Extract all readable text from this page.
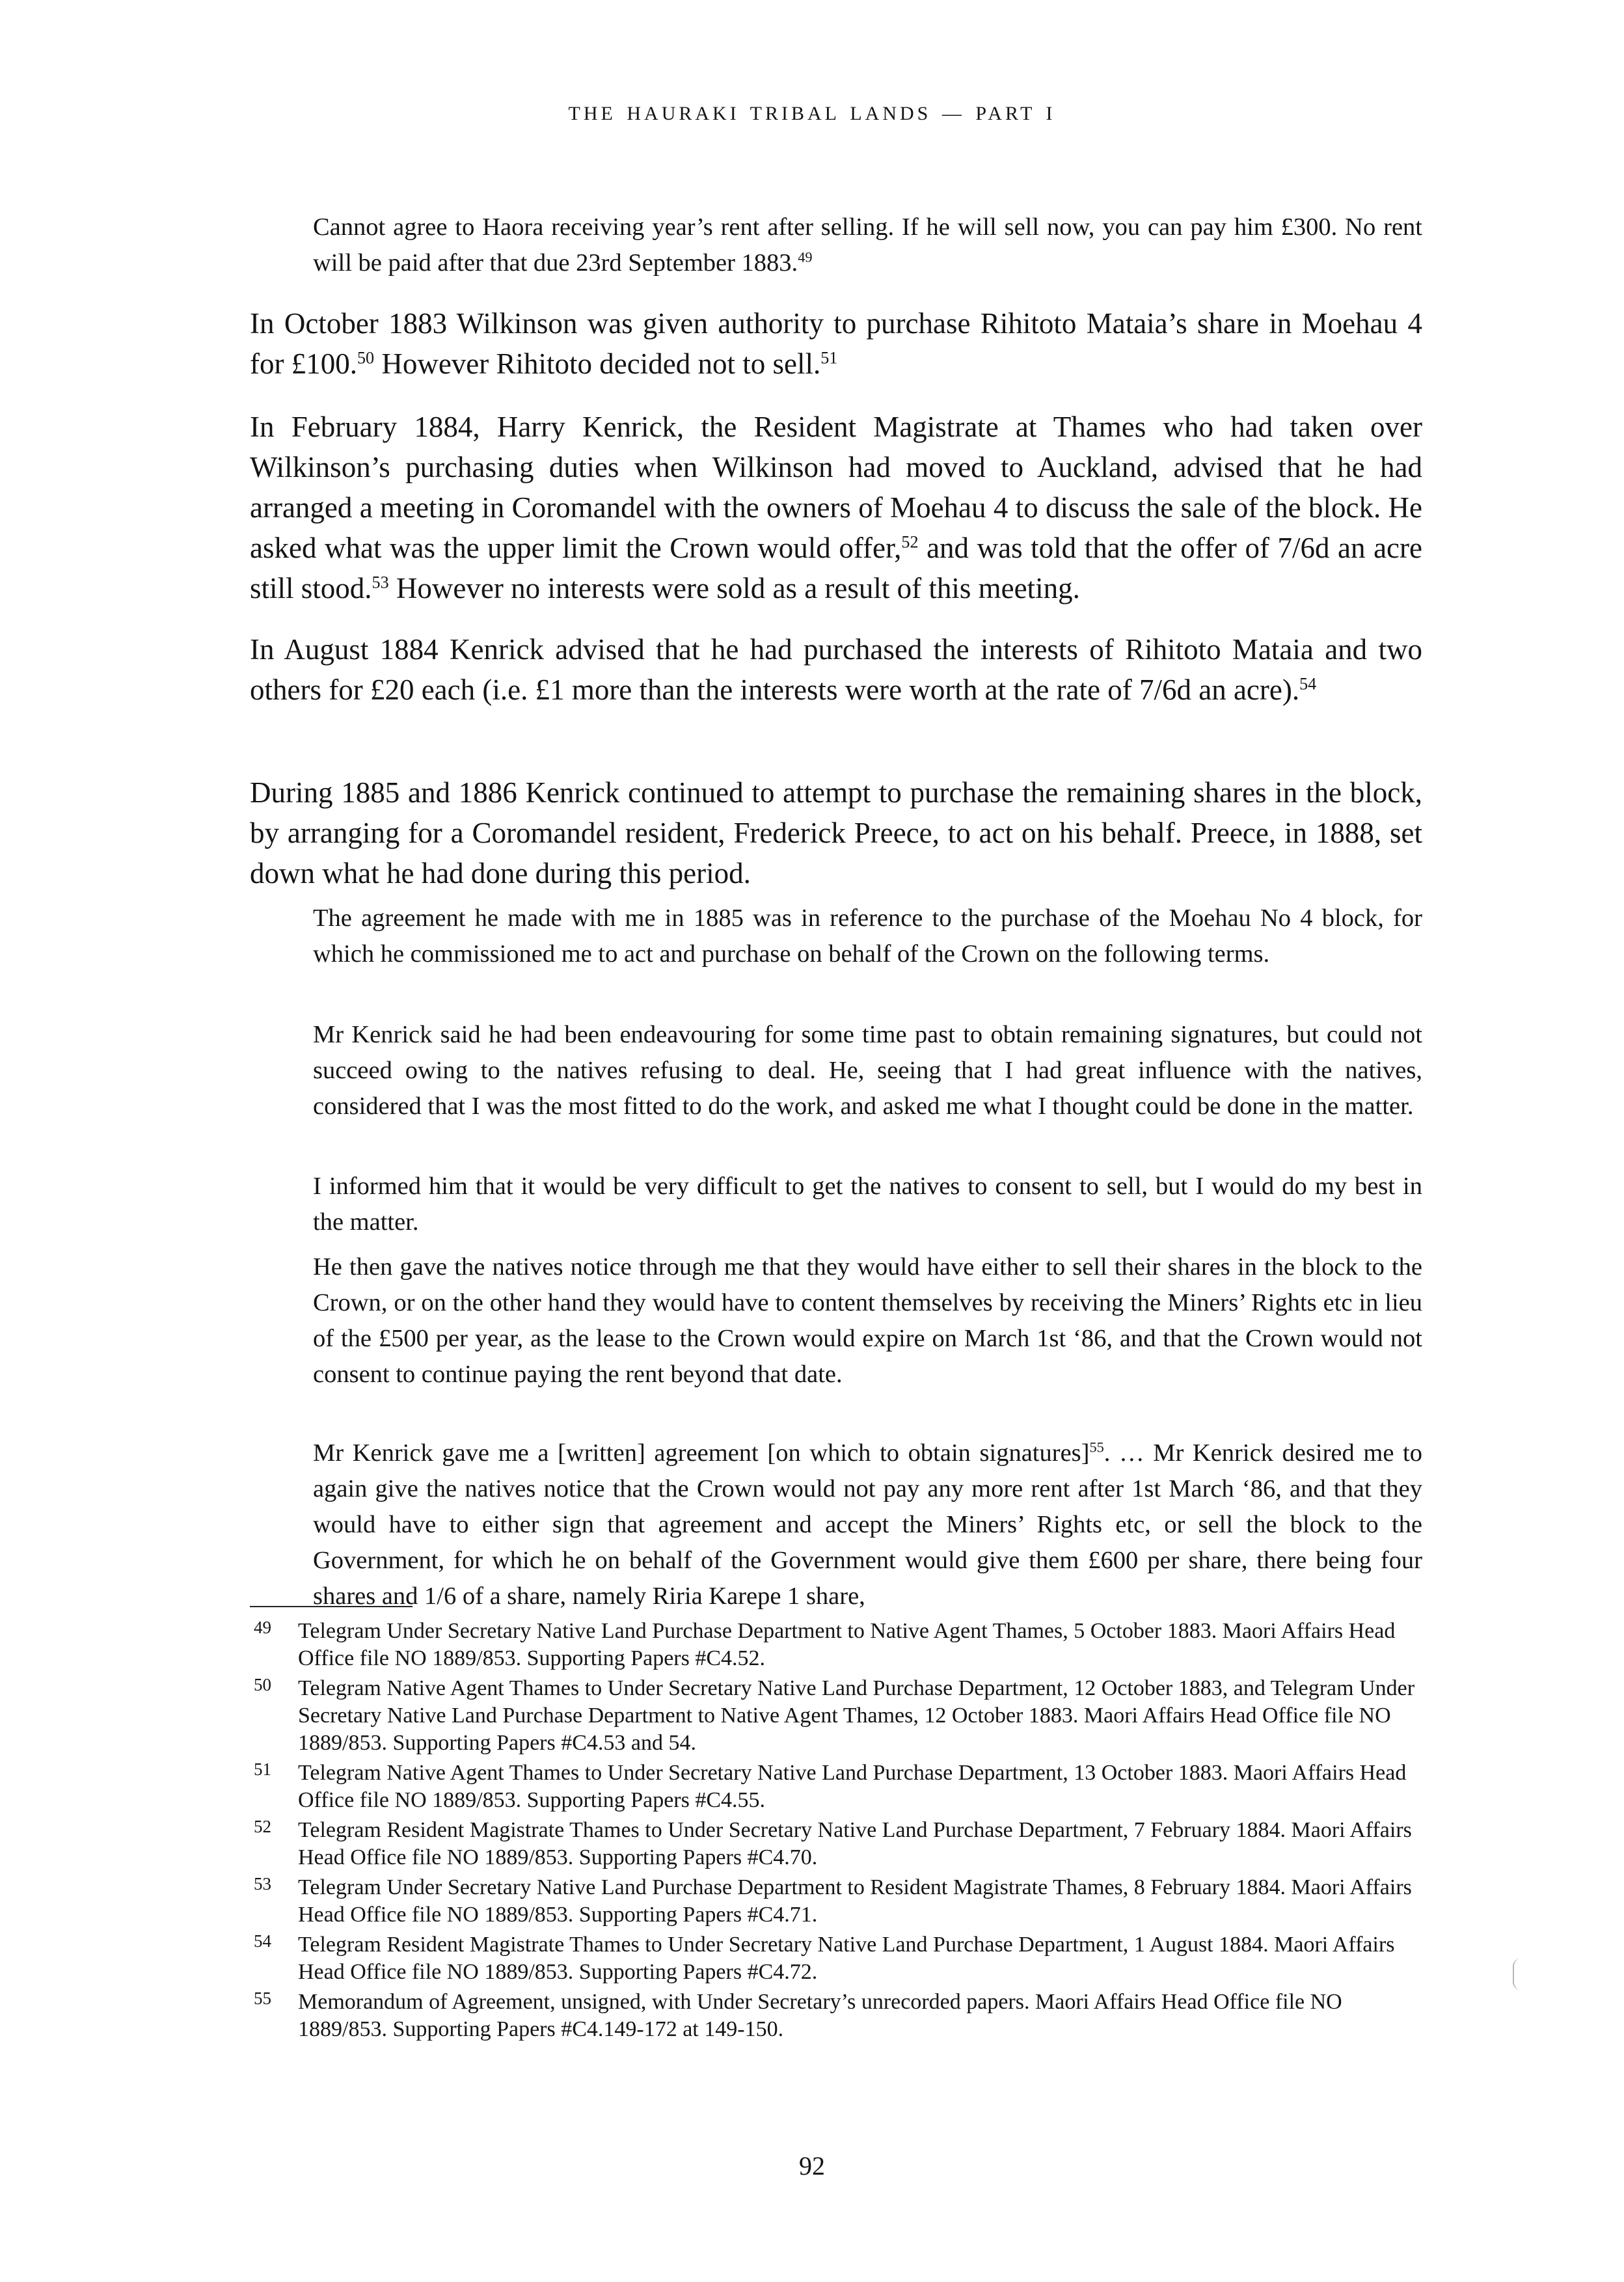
THE HAURAKI TRIBAL LANDS — PART I

Cannot agree to Haora receiving year’s rent after selling. If he will sell now, you can pay him £300. No rent will be paid after that due 23rd September 1883.49

In October 1883 Wilkinson was given authority to purchase Rihitoto Mataia’s share in Moehau 4 for £100.50 However Rihitoto decided not to sell.$^{51}$

In February 1884, Harry Kenrick, the Resident Magistrate at Thames who had taken over Wilkinson’s purchasing duties when Wilkinson had moved to Auckland, advised that he had arranged a meeting in Coromandel with the owners of Moehau 4 to discuss the sale of the block. He asked what was the upper limit the Crown would offer,$^{52}$ and was told that the offer of 7/6d an acre still stood.$^{53}$ However no interests were sold as a result of this meeting.

In August 1884 Kenrick advised that he had purchased the interests of Rihitoto Mataia and two others for £20 each (i.e. £1 more than the interests were worth at the rate of 7/6d an acre).$^{54}$

During 1885 and 1886 Kenrick continued to attempt to purchase the remaining shares in the block, by arranging for a Coromandel resident, Frederick Preece, to act on his behalf. Preece, in 1888, set down what he had done during this period.

The agreement he made with me in 1885 was in reference to the purchase of the Moehau No 4 block, for which he commissioned me to act and purchase on behalf of the Crown on the following terms.

Mr Kenrick said he had been endeavouring for some time past to obtain remaining signatures, but could not succeed owing to the natives refusing to deal. He, seeing that I had great influence with the natives, considered that I was the most fitted to do the work, and asked me what I thought could be done in the matter.

I informed him that it would be very difficult to get the natives to consent to sell, but I would do my best in the matter.

He then gave the natives notice through me that they would have either to sell their shares in the block to the Crown, or on the other hand they would have to content themselves by receiving the Miners’ Rights etc in lieu of the £500 per year, as the lease to the Crown would expire on March 1st ‘86, and that the Crown would not consent to continue paying the rent beyond that date.

Mr Kenrick gave me a [written] agreement [on which to obtain signatures]$^{55}$. … Mr Kenrick desired me to again give the natives notice that the Crown would not pay any more rent after 1st March ‘86, and that they would have to either sign that agreement and accept the Miners’ Rights etc, or sell the block to the Government, for which he on behalf of the Government would give them £600 per share, there being four shares and 1/6 of a share, namely Riria Karepe 1 share,

49 Telegram Under Secretary Native Land Purchase Department to Native Agent Thames, 5 October 1883. Maori Affairs Head Office file NO 1889/853. Supporting Papers #C4.52.
50 Telegram Native Agent Thames to Under Secretary Native Land Purchase Department, 12 October 1883, and Telegram Under Secretary Native Land Purchase Department to Native Agent Thames, 12 October 1883. Maori Affairs Head Office file NO 1889/853. Supporting Papers #C4.53 and 54.
51 Telegram Native Agent Thames to Under Secretary Native Land Purchase Department, 13 October 1883. Maori Affairs Head Office file NO 1889/853. Supporting Papers #C4.55.
52 Telegram Resident Magistrate Thames to Under Secretary Native Land Purchase Department, 7 February 1884. Maori Affairs Head Office file NO 1889/853. Supporting Papers #C4.70.
53 Telegram Under Secretary Native Land Purchase Department to Resident Magistrate Thames, 8 February 1884. Maori Affairs Head Office file NO 1889/853. Supporting Papers #C4.71.
54 Telegram Resident Magistrate Thames to Under Secretary Native Land Purchase Department, 1 August 1884. Maori Affairs Head Office file NO 1889/853. Supporting Papers #C4.72.
55 Memorandum of Agreement, unsigned, with Under Secretary’s unrecorded papers. Maori Affairs Head Office file NO 1889/853. Supporting Papers #C4.149-172 at 149-150.
92
